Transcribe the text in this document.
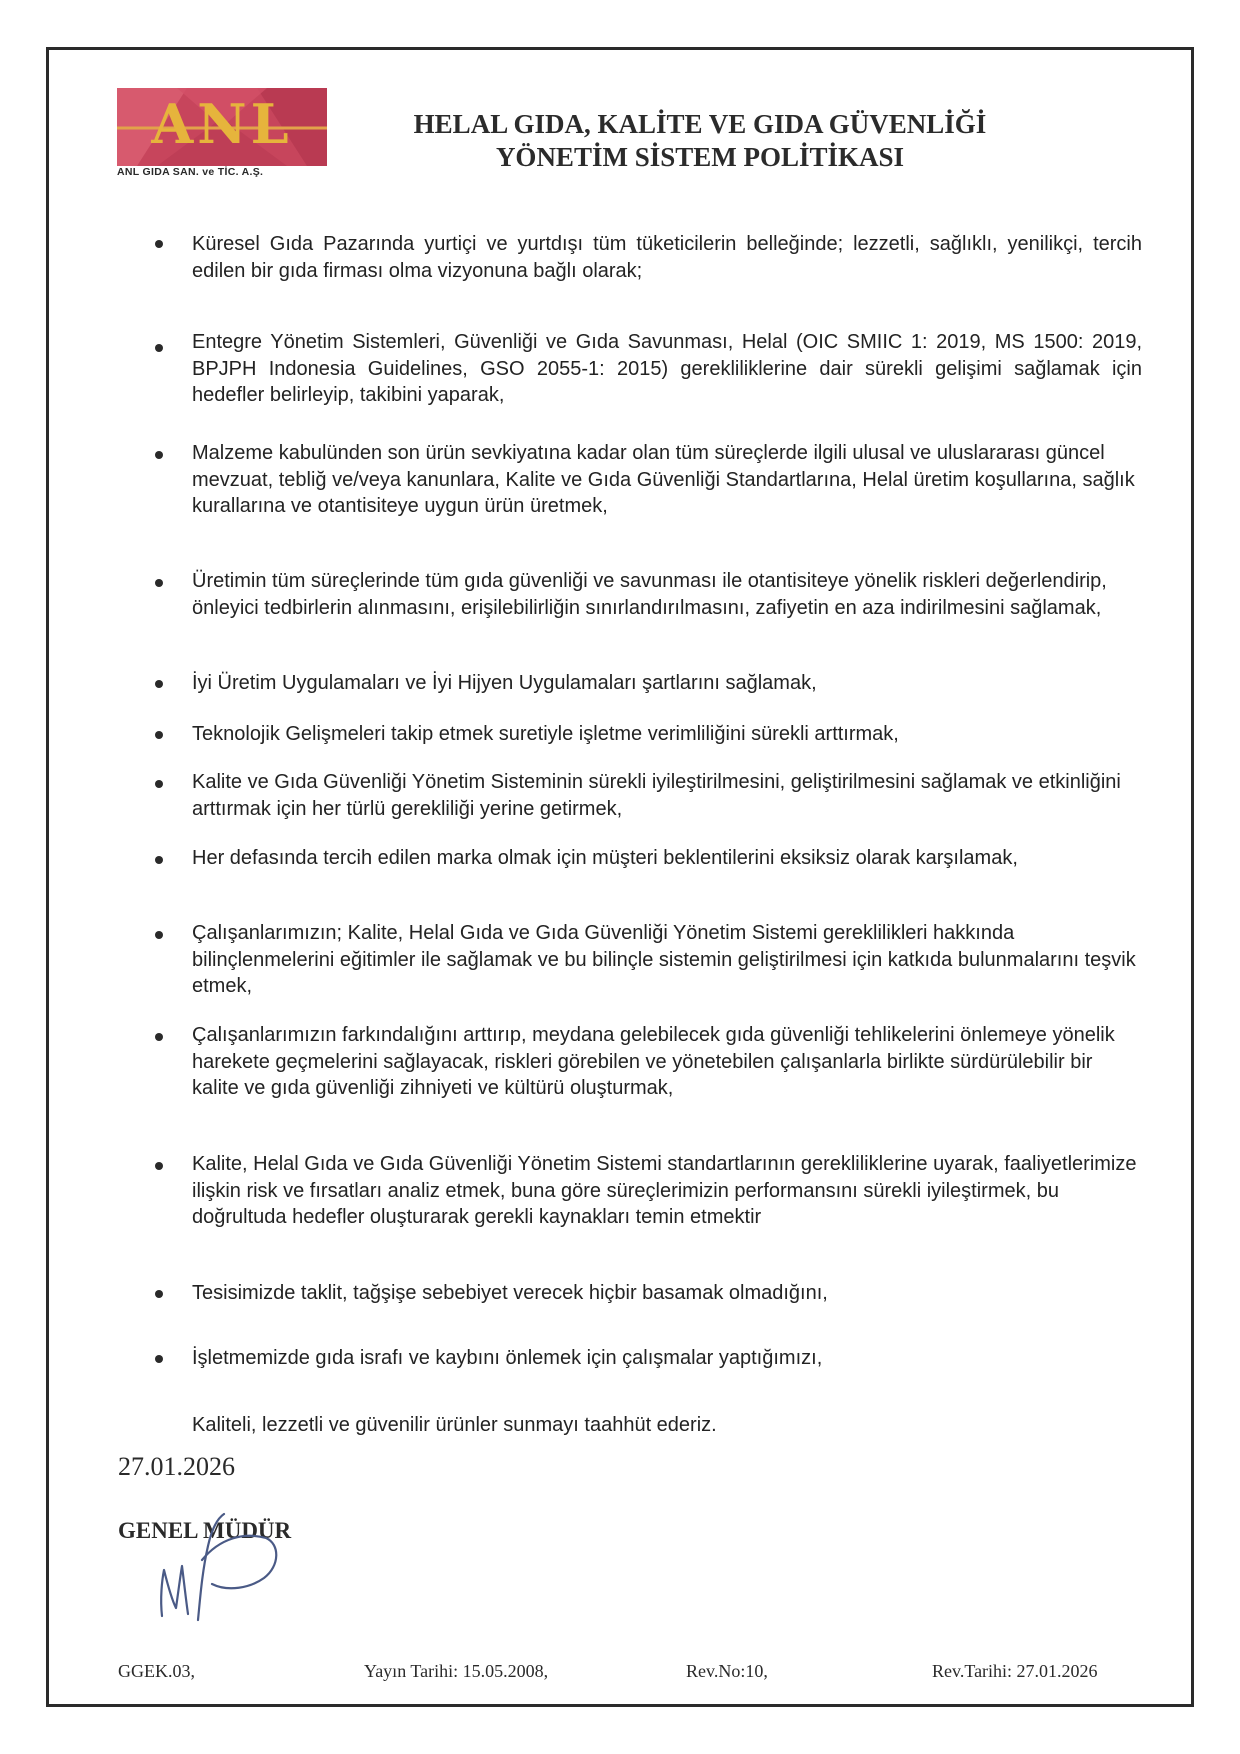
ANL
ANL GIDA SAN. ve TİC. A.Ş.
HELAL GIDA, KALİTE VE GIDA GÜVENLİĞİ
YÖNETİM SİSTEM POLİTİKASI
Küresel Gıda Pazarında yurtiçi ve yurtdışı tüm tüketicilerin belleğinde; lezzetli, sağlıklı, yenilikçi, tercih edilen bir gıda firması olma vizyonuna bağlı olarak;
Entegre Yönetim Sistemleri, Güvenliği ve Gıda Savunması, Helal (OIC SMIIC 1: 2019, MS 1500: 2019, BPJPH Indonesia Guidelines, GSO 2055-1: 2015) gerekliliklerine dair sürekli gelişimi sağlamak için hedefler belirleyip, takibini yaparak,
Malzeme kabulünden son ürün sevkiyatına kadar olan tüm süreçlerde ilgili ulusal ve uluslararası güncel mevzuat, tebliğ ve/veya kanunlara, Kalite ve Gıda Güvenliği Standartlarına, Helal üretim koşullarına, sağlık kurallarına ve otantisiteye uygun ürün üretmek,
Üretimin tüm süreçlerinde tüm gıda güvenliği ve savunması ile otantisiteye yönelik riskleri değerlendirip, önleyici tedbirlerin alınmasını, erişilebilirliğin sınırlandırılmasını, zafiyetin en aza indirilmesini sağlamak,
İyi Üretim Uygulamaları ve İyi Hijyen Uygulamaları şartlarını sağlamak,
Teknolojik Gelişmeleri takip etmek suretiyle işletme verimliliğini sürekli arttırmak,
Kalite ve Gıda Güvenliği Yönetim Sisteminin sürekli iyileştirilmesini, geliştirilmesini sağlamak ve etkinliğini arttırmak için her türlü gerekliliği yerine getirmek,
Her defasında tercih edilen marka olmak için müşteri beklentilerini eksiksiz olarak karşılamak,
Çalışanlarımızın; Kalite, Helal Gıda ve Gıda Güvenliği Yönetim Sistemi gereklilikleri hakkında bilinçlenmelerini eğitimler ile sağlamak ve bu bilinçle sistemin geliştirilmesi için katkıda bulunmalarını teşvik etmek,
Çalışanlarımızın farkındalığını arttırıp, meydana gelebilecek gıda güvenliği tehlikelerini önlemeye yönelik harekete geçmelerini sağlayacak, riskleri görebilen ve yönetebilen çalışanlarla birlikte sürdürülebilir bir kalite ve gıda güvenliği zihniyeti ve kültürü oluşturmak,
Kalite, Helal Gıda ve Gıda Güvenliği Yönetim Sistemi standartlarının gerekliliklerine uyarak, faaliyetlerimize ilişkin risk ve fırsatları analiz etmek, buna göre süreçlerimizin performansını sürekli iyileştirmek, bu doğrultuda hedefler oluşturarak gerekli kaynakları temin etmektir
Tesisimizde taklit, tağşişe sebebiyet verecek hiçbir basamak olmadığını,
İşletmemizde gıda israfı ve kaybını önlemek için çalışmalar yaptığımızı,
Kaliteli, lezzetli ve güvenilir ürünler sunmayı taahhüt ederiz.
27.01.2026
GENEL MÜDÜR
GGEK.03,	Yayın Tarihi: 15.05.2008,	Rev.No:10,	Rev.Tarihi: 27.01.2026
